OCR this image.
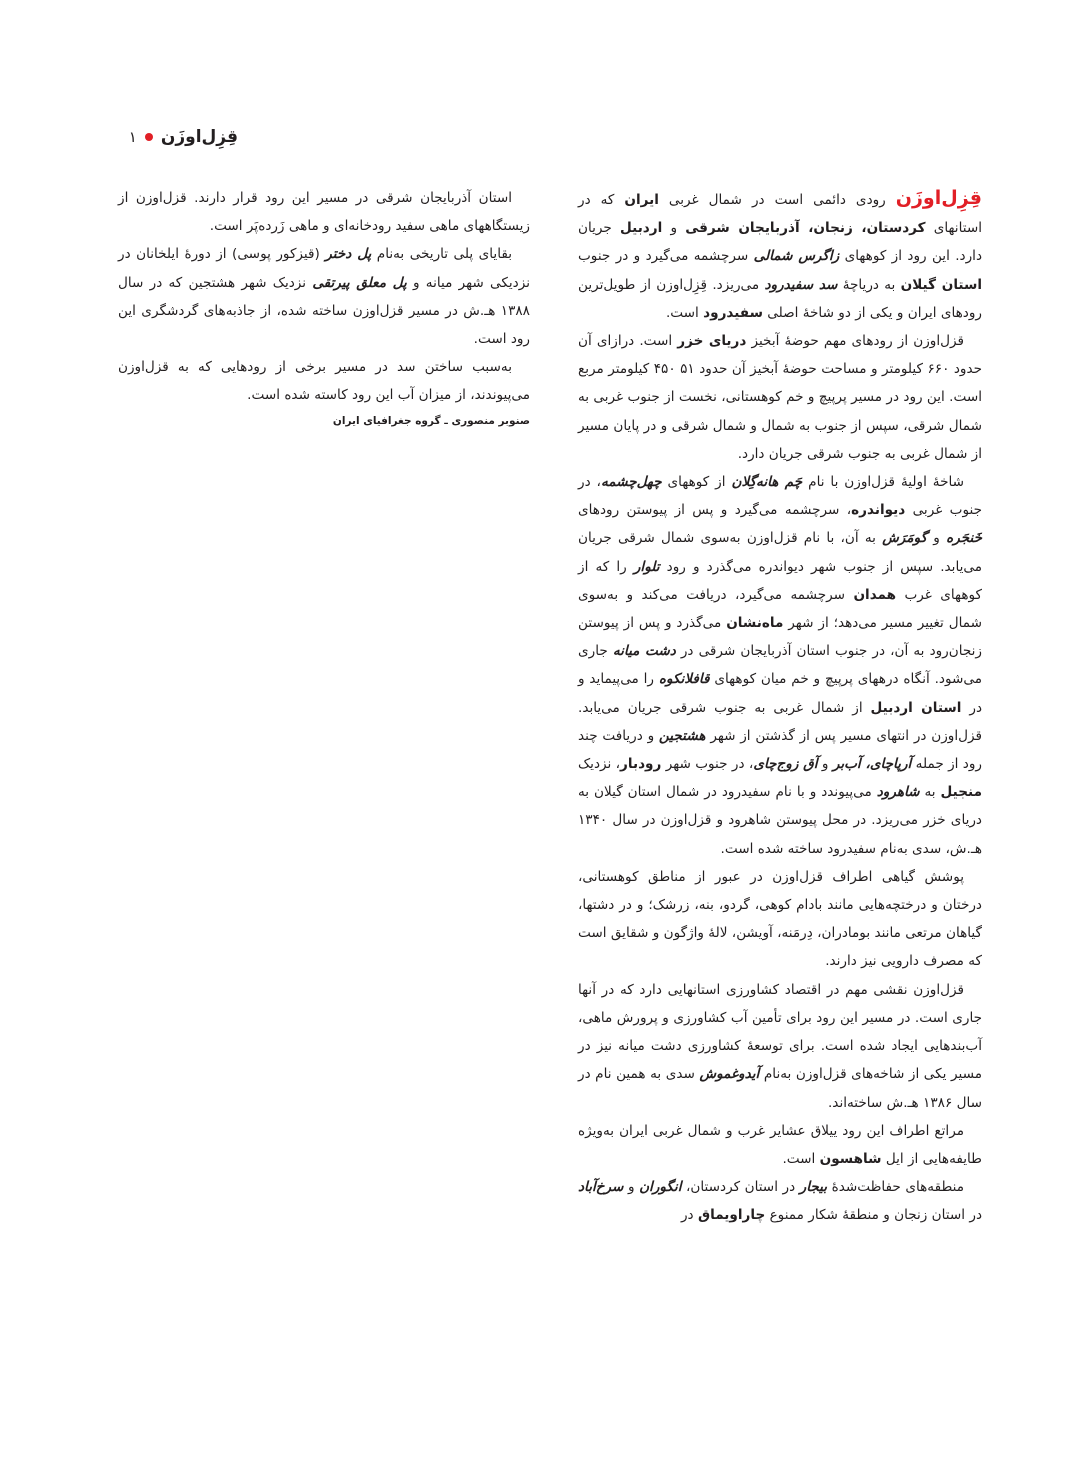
قِزِل‌اوزَن
۱

قِزِل‌اوزَن رودی دائمی است در شمال غربی ایران که در استانهای کردستان، زنجان، آذربایجان شرقی و اردبیل جریان دارد. این رود از کوههای زاگرس شمالی سرچشمه می‌گیرد و در جنوب استان گیلان به دریاچهٔ سد سفیدرود می‌ریزد. قِزِل‌اوزن از طویل‌ترین رودهای ایران و یکی از دو شاخهٔ اصلی سفیدرود است.

قزل‌اوزن از رودهای مهم حوضهٔ آبخیز دریای خزر است. درازای آن حدود ۶۶۰ کیلومتر و مساحت حوضهٔ آبخیز آن حدود ۵۱ ۴۵۰ کیلومتر مربع است. این رود در مسیر پرپیچ و خم کوهستانی، نخست از جنوب غربی به شمال شرقی، سپس از جنوب به شمال و شمال شرقی و در پایان مسیر از شمال غربی به جنوب شرقی جریان دارد.

شاخهٔ اولیهٔ قزل‌اوزن با نام چَم هانه‌گِلان از کوههای چهل‌چشمه، در جنوب غربی دیواندره، سرچشمه می‌گیرد و پس از پیوستن رودهای خَنجَره و گومَرَش به آن، با نام قزل‌اوزن به‌سوی شمال شرقی جریان می‌یابد. سپس از جنوب شهر دیواندره می‌گذرد و رود تلوار را که از کوههای غرب همدان سرچشمه می‌گیرد، دریافت می‌کند و به‌سوی شمال تغییر مسیر می‌دهد؛ از شهر ماه‌نشان می‌گذرد و پس از پیوستن زنجان‌رود به آن، در جنوب استان آذربایجان شرقی در دشت میانه جاری می‌شود. آنگاه درههای پرپیچ و خم میان کوههای قافلانکوه را می‌پیماید و در استان اردبیل از شمال غربی به جنوب شرقی جریان می‌یابد. قزل‌اوزن در انتهای مسیر پس از گذشتن از شهر هشتجین و دریافت چند رود از جمله آرپاچای، آب‌بر و آق زوج‌چای، در جنوب شهر رودبار، نزدیک منجیل به شاهرود می‌پیوندد و با نام سفیدرود در شمال استان گیلان به دریای خزر می‌ریزد. در محل پیوستن شاهرود و قزل‌اوزن در سال ۱۳۴۰ هـ.ش، سدی به‌نام سفیدرود ساخته شده است.

پوشش گیاهی اطراف قزل‌اوزن در عبور از مناطق کوهستانی، درختان و درختچه‌هایی مانند بادام کوهی، گردو، بنه، زرشک؛ و در دشتها، گیاهان مرتعی مانند بومادران، دِرمَنه، آویشن، لالهٔ واژگون و شقایق است که مصرف دارویی نیز دارند.

قزل‌اوزن نقشی مهم در اقتصاد کشاورزی استانهایی دارد که در آنها جاری است. در مسیر این رود برای تأمین آب کشاورزی و پرورش ماهی، آب‌بندهایی ایجاد شده است. برای توسعهٔ کشاورزی دشت میانه نیز در مسیر یکی از شاخه‌های قزل‌اوزن به‌نام آیدوغموش سدی به همین نام در سال ۱۳۸۶ هـ.ش ساخته‌اند.

مراتع اطراف این رود ییلاق عشایر غرب و شمال غربی ایران به‌ویژه طایفه‌هایی از ایل شاهسون است.

منطقه‌های حفاظت‌شدهٔ بیجار در استان کردستان، انگوران و سرخ‌آباد در استان زنجان و منطقهٔ شکار ممنوع چاراویماق در

استان آذربایجان شرقی در مسیر این رود قرار دارند. قزل‌اوزن از زیستگاههای ماهی سفید رودخانه‌ای و ماهی زَرده‌پَر است.

بقایای پلی تاریخی به‌نام پل دختر (قیزکور پوسی) از دورهٔ ایلخانان در نزدیکی شهر میانه و پل معلق پیرتقی نزدیک شهر هشتجین که در سال ۱۳۸۸ هـ.ش در مسیر قزل‌اوزن ساخته شده، از جاذبه‌های گردشگری این رود است.

به‌سبب ساختن سد در مسیر برخی از رودهایی که به قزل‌اوزن می‌پیوندند، از میزان آب این رود کاسته شده است.

صنوبر منصوری ـ گروه جغرافیای ایران
